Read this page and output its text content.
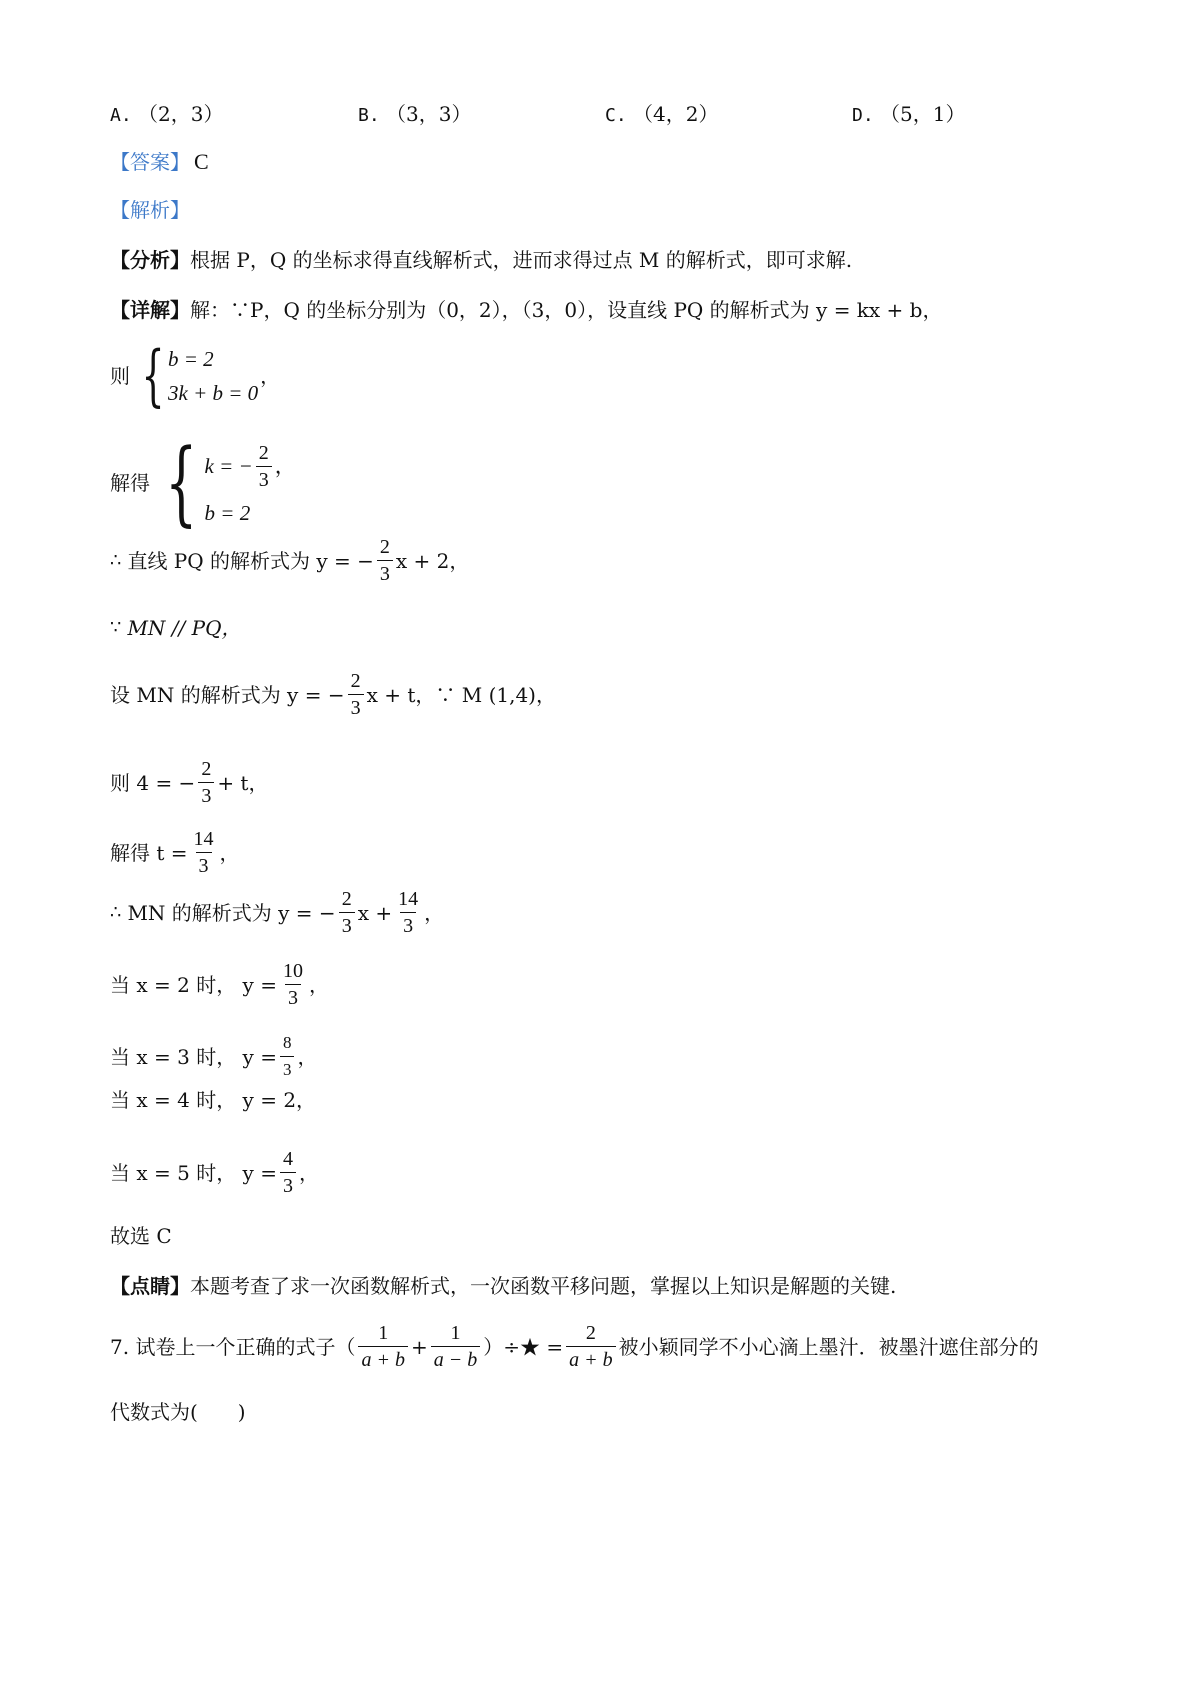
A. （2，3）	B. （3，3）	C. （4，2）	D. （5，1）
【答案】 C
【解析】
【分析】 根据 P，Q 的坐标求得直线解析式，进而求得过点 M 的解析式，即可求解.
【详解】 解：∵P，Q 的坐标分别为（0，2），（3，0），设直线 PQ 的解析式为 y = kx + b，
则 { b = 2
3k + b = 0
，
解得 { k = − $\frac{2}{3}$ ，
b = 2
∴ 直线 PQ 的解析式为 y = − $\frac{2}{3}$ x + 2，
∵ MN // PQ，
设 MN 的解析式为 y = − $\frac{2}{3}$ x + t，∵ M (1,4)，
则 4 = − $\frac{2}{3} + t$，
解得 $t = \frac{14}{3}$ ，
∴ MN 的解析式为 y = − $\frac{2}{3}$ $x + \frac{14}{3}$ ，
当 x = 2 时， $y = \frac{10}{3}$ ，
当 x = 3 时， $y = \frac{8}{3}$ ，
当 x = 4 时， y = 2，
当 x = 5 时， $y = \frac{4}{3}$ ，
故选 C
【点睛】 本题考查了求一次函数解析式，一次函数平移问题，掌握以上知识是解题的关键.
7. 试卷上一个正确的式子（ $\frac{1}{a + b} + \frac{1}{a - b}$ ）÷★ = $\frac{2}{a + b}$ 被小颖同学不小心滴上墨汁．被墨汁遮住部分的
代数式为(　　)
